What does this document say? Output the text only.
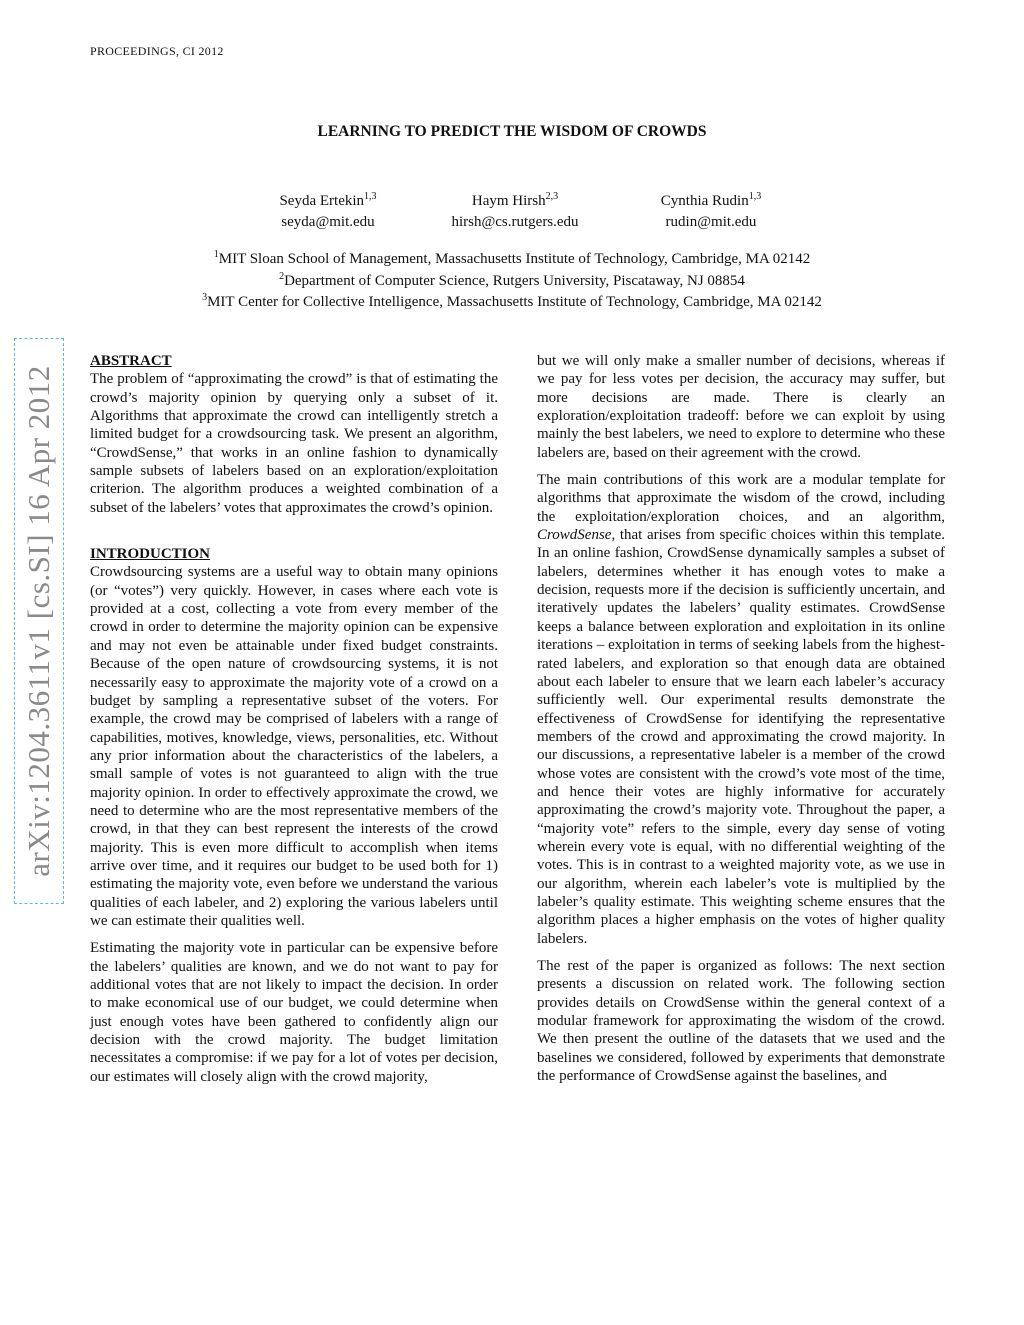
PROCEEDINGS, CI 2012
LEARNING TO PREDICT THE WISDOM OF CROWDS
Seyda Ertekin$^{1,3}$
seyda@mit.edu
Haym Hirsh$^{2,3}$
hirsh@cs.rutgers.edu
Cynthia Rudin$^{1,3}$
rudin@mit.edu
$^1$MIT Sloan School of Management, Massachusetts Institute of Technology, Cambridge, MA 02142
$^2$Department of Computer Science, Rutgers University, Piscataway, NJ 08854
$^3$MIT Center for Collective Intelligence, Massachusetts Institute of Technology, Cambridge, MA 02142
arXiv:1204.3611v1 [cs.SI] 16 Apr 2012
ABSTRACT

The problem of “approximating the crowd” is that of estimating the crowd’s majority opinion by querying only a subset of it. Algorithms that approximate the crowd can intelligently stretch a limited budget for a crowdsourcing task. We present an algorithm, “CrowdSense,” that works in an online fashion to dynamically sample subsets of labelers based on an exploration/exploitation criterion. The algorithm produces a weighted combination of a subset of the labelers’ votes that approximates the crowd’s opinion.

INTRODUCTION

Crowdsourcing systems are a useful way to obtain many opinions (or “votes”) very quickly. However, in cases where each vote is provided at a cost, collecting a vote from every member of the crowd in order to determine the majority opinion can be expensive and may not even be attainable under fixed budget constraints. Because of the open nature of crowdsourcing systems, it is not necessarily easy to approximate the majority vote of a crowd on a budget by sampling a representative subset of the voters. For example, the crowd may be comprised of labelers with a range of capabilities, motives, knowledge, views, personalities, etc. Without any prior information about the characteristics of the labelers, a small sample of votes is not guaranteed to align with the true majority opinion. In order to effectively approximate the crowd, we need to determine who are the most representative members of the crowd, in that they can best represent the interests of the crowd majority. This is even more difficult to accomplish when items arrive over time, and it requires our budget to be used both for 1) estimating the majority vote, even before we understand the various qualities of each labeler, and 2) exploring the various labelers until we can estimate their qualities well.

Estimating the majority vote in particular can be expensive before the labelers’ qualities are known, and we do not want to pay for additional votes that are not likely to impact the decision. In order to make economical use of our budget, we could determine when just enough votes have been gathered to confidently align our decision with the crowd majority. The budget limitation necessitates a compromise: if we pay for a lot of votes per decision, our estimates will closely align with the crowd majority,

but we will only make a smaller number of decisions, whereas if we pay for less votes per decision, the accuracy may suffer, but more decisions are made. There is clearly an exploration/exploitation tradeoff: before we can exploit by using mainly the best labelers, we need to explore to determine who these labelers are, based on their agreement with the crowd.

The main contributions of this work are a modular template for algorithms that approximate the wisdom of the crowd, including the exploitation/exploration choices, and an algorithm, CrowdSense, that arises from specific choices within this template. In an online fashion, CrowdSense dynamically samples a subset of labelers, determines whether it has enough votes to make a decision, requests more if the decision is sufficiently uncertain, and iteratively updates the labelers’ quality estimates. CrowdSense keeps a balance between exploration and exploitation in its online iterations – exploitation in terms of seeking labels from the highest-rated labelers, and exploration so that enough data are obtained about each labeler to ensure that we learn each labeler’s accuracy sufficiently well. Our experimental results demonstrate the effectiveness of CrowdSense for identifying the representative members of the crowd and approximating the crowd majority. In our discussions, a representative labeler is a member of the crowd whose votes are consistent with the crowd’s vote most of the time, and hence their votes are highly informative for accurately approximating the crowd’s majority vote. Throughout the paper, a “majority vote” refers to the simple, every day sense of voting wherein every vote is equal, with no differential weighting of the votes. This is in contrast to a weighted majority vote, as we use in our algorithm, wherein each labeler’s vote is multiplied by the labeler’s quality estimate. This weighting scheme ensures that the algorithm places a higher emphasis on the votes of higher quality labelers.

The rest of the paper is organized as follows: The next section presents a discussion on related work. The following section provides details on CrowdSense within the general context of a modular framework for approximating the wisdom of the crowd. We then present the outline of the datasets that we used and the baselines we considered, followed by experiments that demonstrate the performance of CrowdSense against the baselines, and
